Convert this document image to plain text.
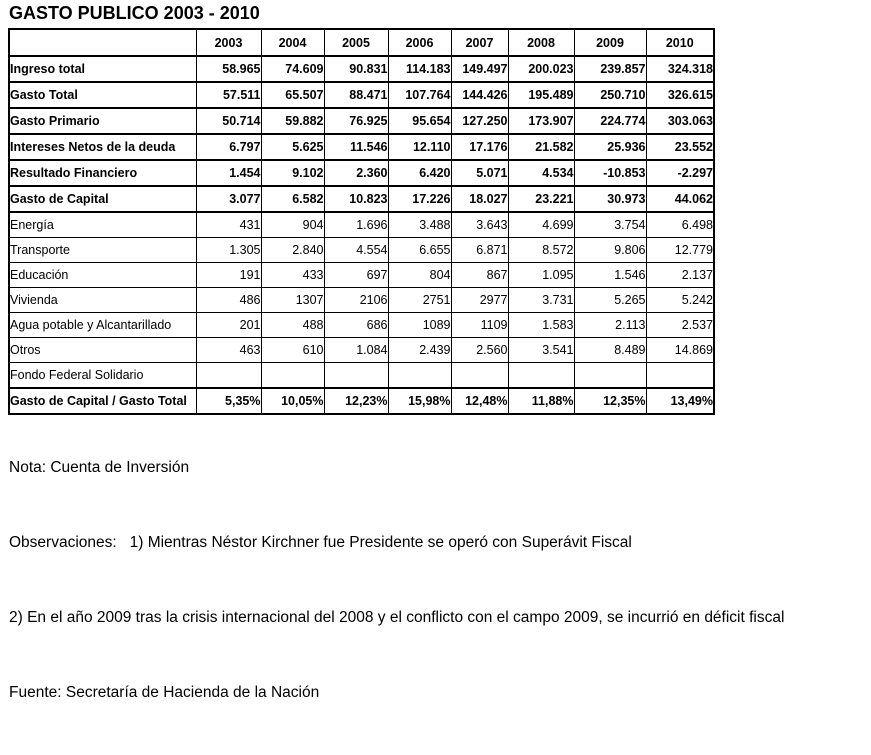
GASTO PUBLICO 2003 - 2010
	2003	2004	2005	2006	2007	2008	2009	2010
Ingreso total	58.965	74.609	90.831	114.183	149.497	200.023	239.857	324.318
Gasto Total	57.511	65.507	88.471	107.764	144.426	195.489	250.710	326.615
Gasto Primario	50.714	59.882	76.925	95.654	127.250	173.907	224.774	303.063
Intereses Netos de la deuda	6.797	5.625	11.546	12.110	17.176	21.582	25.936	23.552
Resultado Financiero	1.454	9.102	2.360	6.420	5.071	4.534	-10.853	-2.297
Gasto de Capital	3.077	6.582	10.823	17.226	18.027	23.221	30.973	44.062
Energía	431	904	1.696	3.488	3.643	4.699	3.754	6.498
Transporte	1.305	2.840	4.554	6.655	6.871	8.572	9.806	12.779
Educación	191	433	697	804	867	1.095	1.546	2.137
Vivienda	486	1307	2106	2751	2977	3.731	5.265	5.242
Agua potable y Alcantarillado	201	488	686	1089	1109	1.583	2.113	2.537
Otros	463	610	1.084	2.439	2.560	3.541	8.489	14.869
Fondo Federal Solidario								
Gasto de Capital / Gasto Total	5,35%	10,05%	12,23%	15,98%	12,48%	11,88%	12,35%	13,49%

Nota: Cuenta de Inversión

Observaciones:   1) Mientras Néstor Kirchner fue Presidente se operó con Superávit Fiscal

2) En el año 2009 tras la crisis internacional del 2008 y el conflicto con el campo 2009, se incurrió en déficit fiscal

Fuente: Secretaría de Hacienda de la Nación
